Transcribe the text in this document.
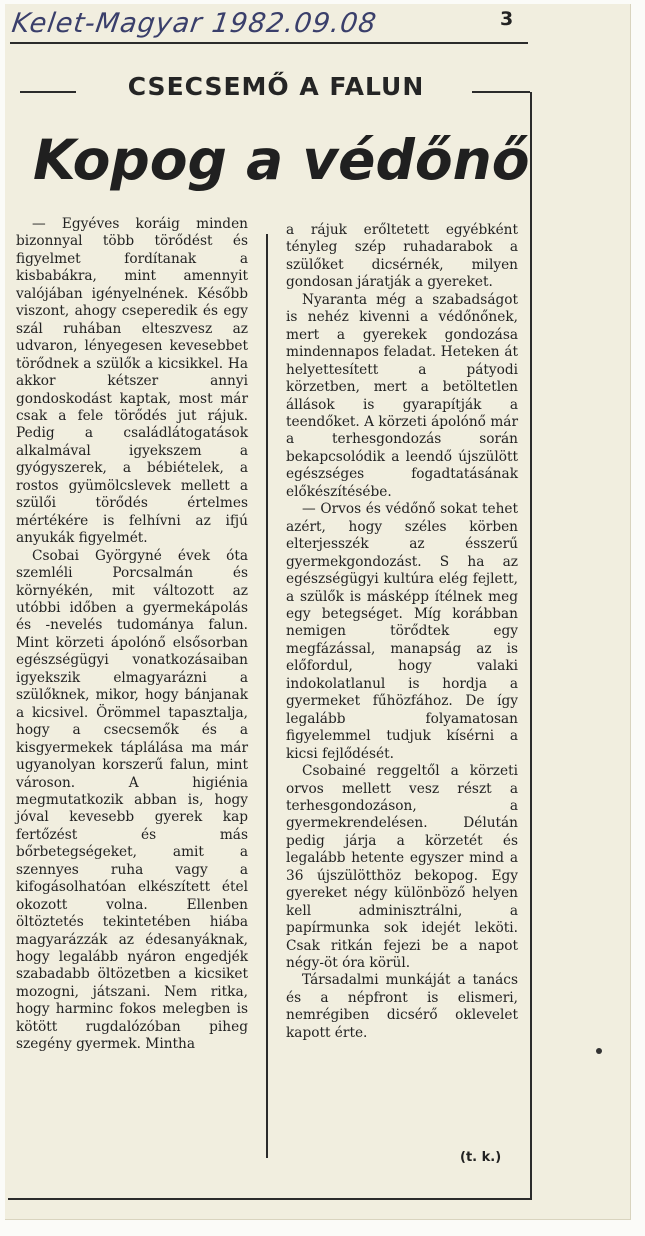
Kelet-Magyar 1982.09.08	3
CSECSEMŐ A FALUN
Kopog a védőnő

— Egyéves koráig minden bizonnyal több törődést és figyelmet fordítanak a kisbabákra, mint amennyit valójában igényelnének. Később viszont, ahogy cseperedik és egy szál ruhában elteszvesz az udvaron, lényegesen kevesebbet törődnek a szülők a kicsikkel. Ha akkor kétszer annyi gondoskodást kaptak, most már csak a fele törődés jut rájuk. Pedig a családlátogatások alkalmával igyekszem a gyógyszerek, a bébiételek, a rostos gyümölcslevek mellett a szülői törődés értelmes mértékére is felhívni az ifjú anyukák figyelmét.

Csobai Györgyné évek óta szemléli Porcsalmán és környékén, mit változott az utóbbi időben a gyermekápolás és -nevelés tudománya falun. Mint körzeti ápolónő elsősorban egészségügyi vonatkozásaiban igyekszik elmagyarázni a szülőknek, mikor, hogy bánjanak a kicsivel. Örömmel tapasztalja, hogy a csecsemők és a kisgyermekek táplálása ma már ugyanolyan korszerű falun, mint városon. A higiénia megmutatkozik abban is, hogy jóval kevesebb gyerek kap fertőzést és más bőrbetegségeket, amit a szennyes ruha vagy a kifogásolhatóan elkészített étel okozott volna. Ellenben öltöztetés tekintetében hiába magyarázzák az édesanyáknak, hogy legalább nyáron engedjék szabadabb öltözetben a kicsiket mozogni, játszani. Nem ritka, hogy harminc fokos melegben is kötött rugdalózóban piheg szegény gyermek. Mintha

a rájuk erőltetett egyébként tényleg szép ruhadarabok a szülőket dicsérnék, milyen gondosan járatják a gyereket.

Nyaranta még a szabadságot is nehéz kivenni a védőnőnek, mert a gyerekek gondozása mindennapos feladat. Heteken át helyettesített a pátyodi körzetben, mert a betöltetlen állások is gyarapítják a teendőket. A körzeti ápolónő már a terhesgondozás során bekapcsolódik a leendő újszülött egészséges fogadtatásának előkészítésébe.

— Orvos és védőnő sokat tehet azért, hogy széles körben elterjesszék az ésszerű gyermekgondozást. S ha az egészségügyi kultúra elég fejlett, a szülők is másképp ítélnek meg egy betegséget. Míg korábban nemigen törődtek egy megfázással, manapság az is előfordul, hogy valaki indokolatlanul is hordja a gyermeket fűhözfához. De így legalább folyamatosan figyelemmel tudjuk kísérni a kicsi fejlődését.

Csobainé reggeltől a körzeti orvos mellett vesz részt a terhesgondozáson, a gyermekrendelésen. Délután pedig járja a körzetét és legalább hetente egyszer mind a 36 újszülötthöz bekopog. Egy gyereket négy különböző helyen kell adminisztrálni, a papírmunka sok idejét leköti. Csak ritkán fejezi be a napot négy-öt óra körül.

Társadalmi munkáját a tanács és a népfront is elismeri, nemrégiben dicsérő oklevelet kapott érte.

(t. k.)
